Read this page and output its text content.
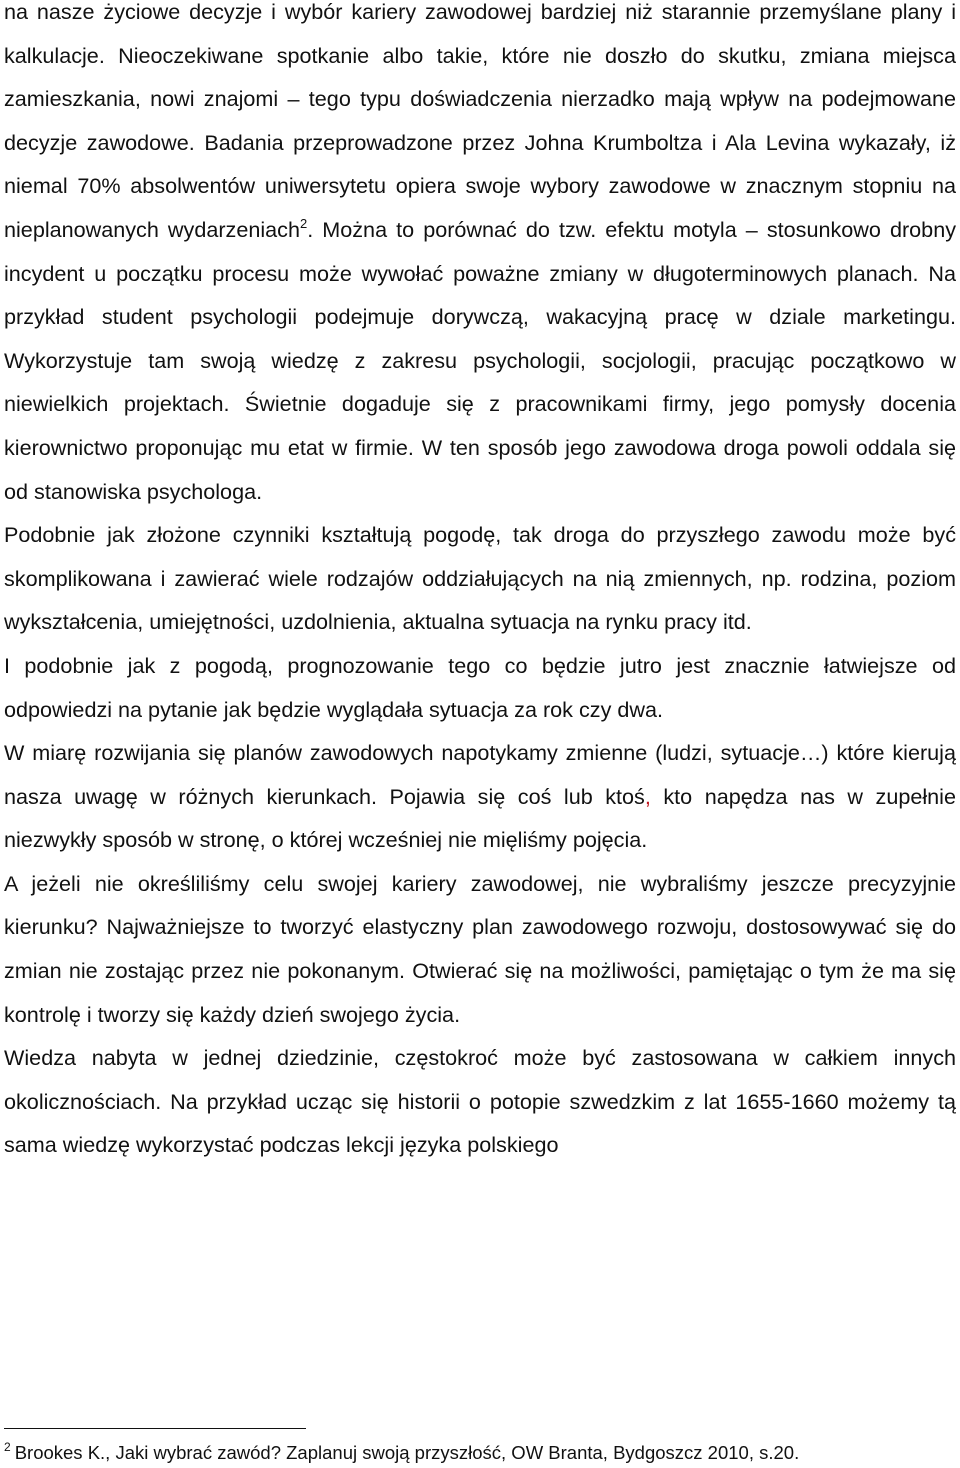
na nasze życiowe decyzje i wybór kariery zawodowej bardziej niż starannie przemyślane plany i kalkulacje. Nieoczekiwane spotkanie albo takie, które nie doszło do skutku, zmiana miejsca zamieszkania, nowi znajomi – tego typu doświadczenia nierzadko mają wpływ na podejmowane decyzje zawodowe. Badania przeprowadzone przez Johna Krumboltza i Ala Levina wykazały, iż niemal 70% absolwentów uniwersytetu opiera swoje wybory zawodowe w znacznym stopniu na nieplanowanych wydarzeniach$^2$. Można to porównać do tzw. efektu motyla – stosunkowo drobny incydent u początku procesu może wywołać poważne zmiany w długoterminowych planach. Na przykład student psychologii podejmuje dorywczą, wakacyjną pracę w dziale marketingu. Wykorzystuje tam swoją wiedzę z zakresu psychologii, socjologii, pracując początkowo w niewielkich projektach. Świetnie dogaduje się z pracownikami firmy, jego pomysły docenia kierownictwo proponując mu etat w firmie. W ten sposób jego zawodowa droga powoli oddala się od stanowiska psychologa.

Podobnie jak złożone czynniki kształtują pogodę, tak droga do przyszłego zawodu może być skomplikowana i zawierać wiele rodzajów oddziałujących na nią zmiennych, np. rodzina, poziom wykształcenia, umiejętności, uzdolnienia, aktualna sytuacja na rynku pracy itd.

I podobnie jak z pogodą, prognozowanie tego co będzie jutro jest znacznie łatwiejsze od odpowiedzi na pytanie jak będzie wyglądała sytuacja za rok czy dwa.

W miarę rozwijania się planów zawodowych napotykamy zmienne (ludzi, sytuacje…) które kierują nasza uwagę w różnych kierunkach. Pojawia się coś lub ktoś, kto napędza nas w zupełnie niezwykły sposób w stronę, o której wcześniej nie mięliśmy pojęcia.

A jeżeli nie określiliśmy celu swojej kariery zawodowej, nie wybraliśmy jeszcze precyzyjnie kierunku? Najważniejsze to tworzyć elastyczny plan zawodowego rozwoju, dostosowywać się do zmian nie zostając przez nie pokonanym. Otwierać się na możliwości, pamiętając o tym że ma się kontrolę i tworzy się każdy dzień swojego życia.

Wiedza nabyta w jednej dziedzinie, częstokroć może być zastosowana w całkiem innych okolicznościach. Na przykład ucząc się historii o potopie szwedzkim z lat 1655-1660 możemy tą sama wiedzę wykorzystać podczas lekcji języka polskiego

$^2$ Brookes K., Jaki wybrać zawód? Zaplanuj swoją przyszłość, OW Branta, Bydgoszcz 2010, s.20.
